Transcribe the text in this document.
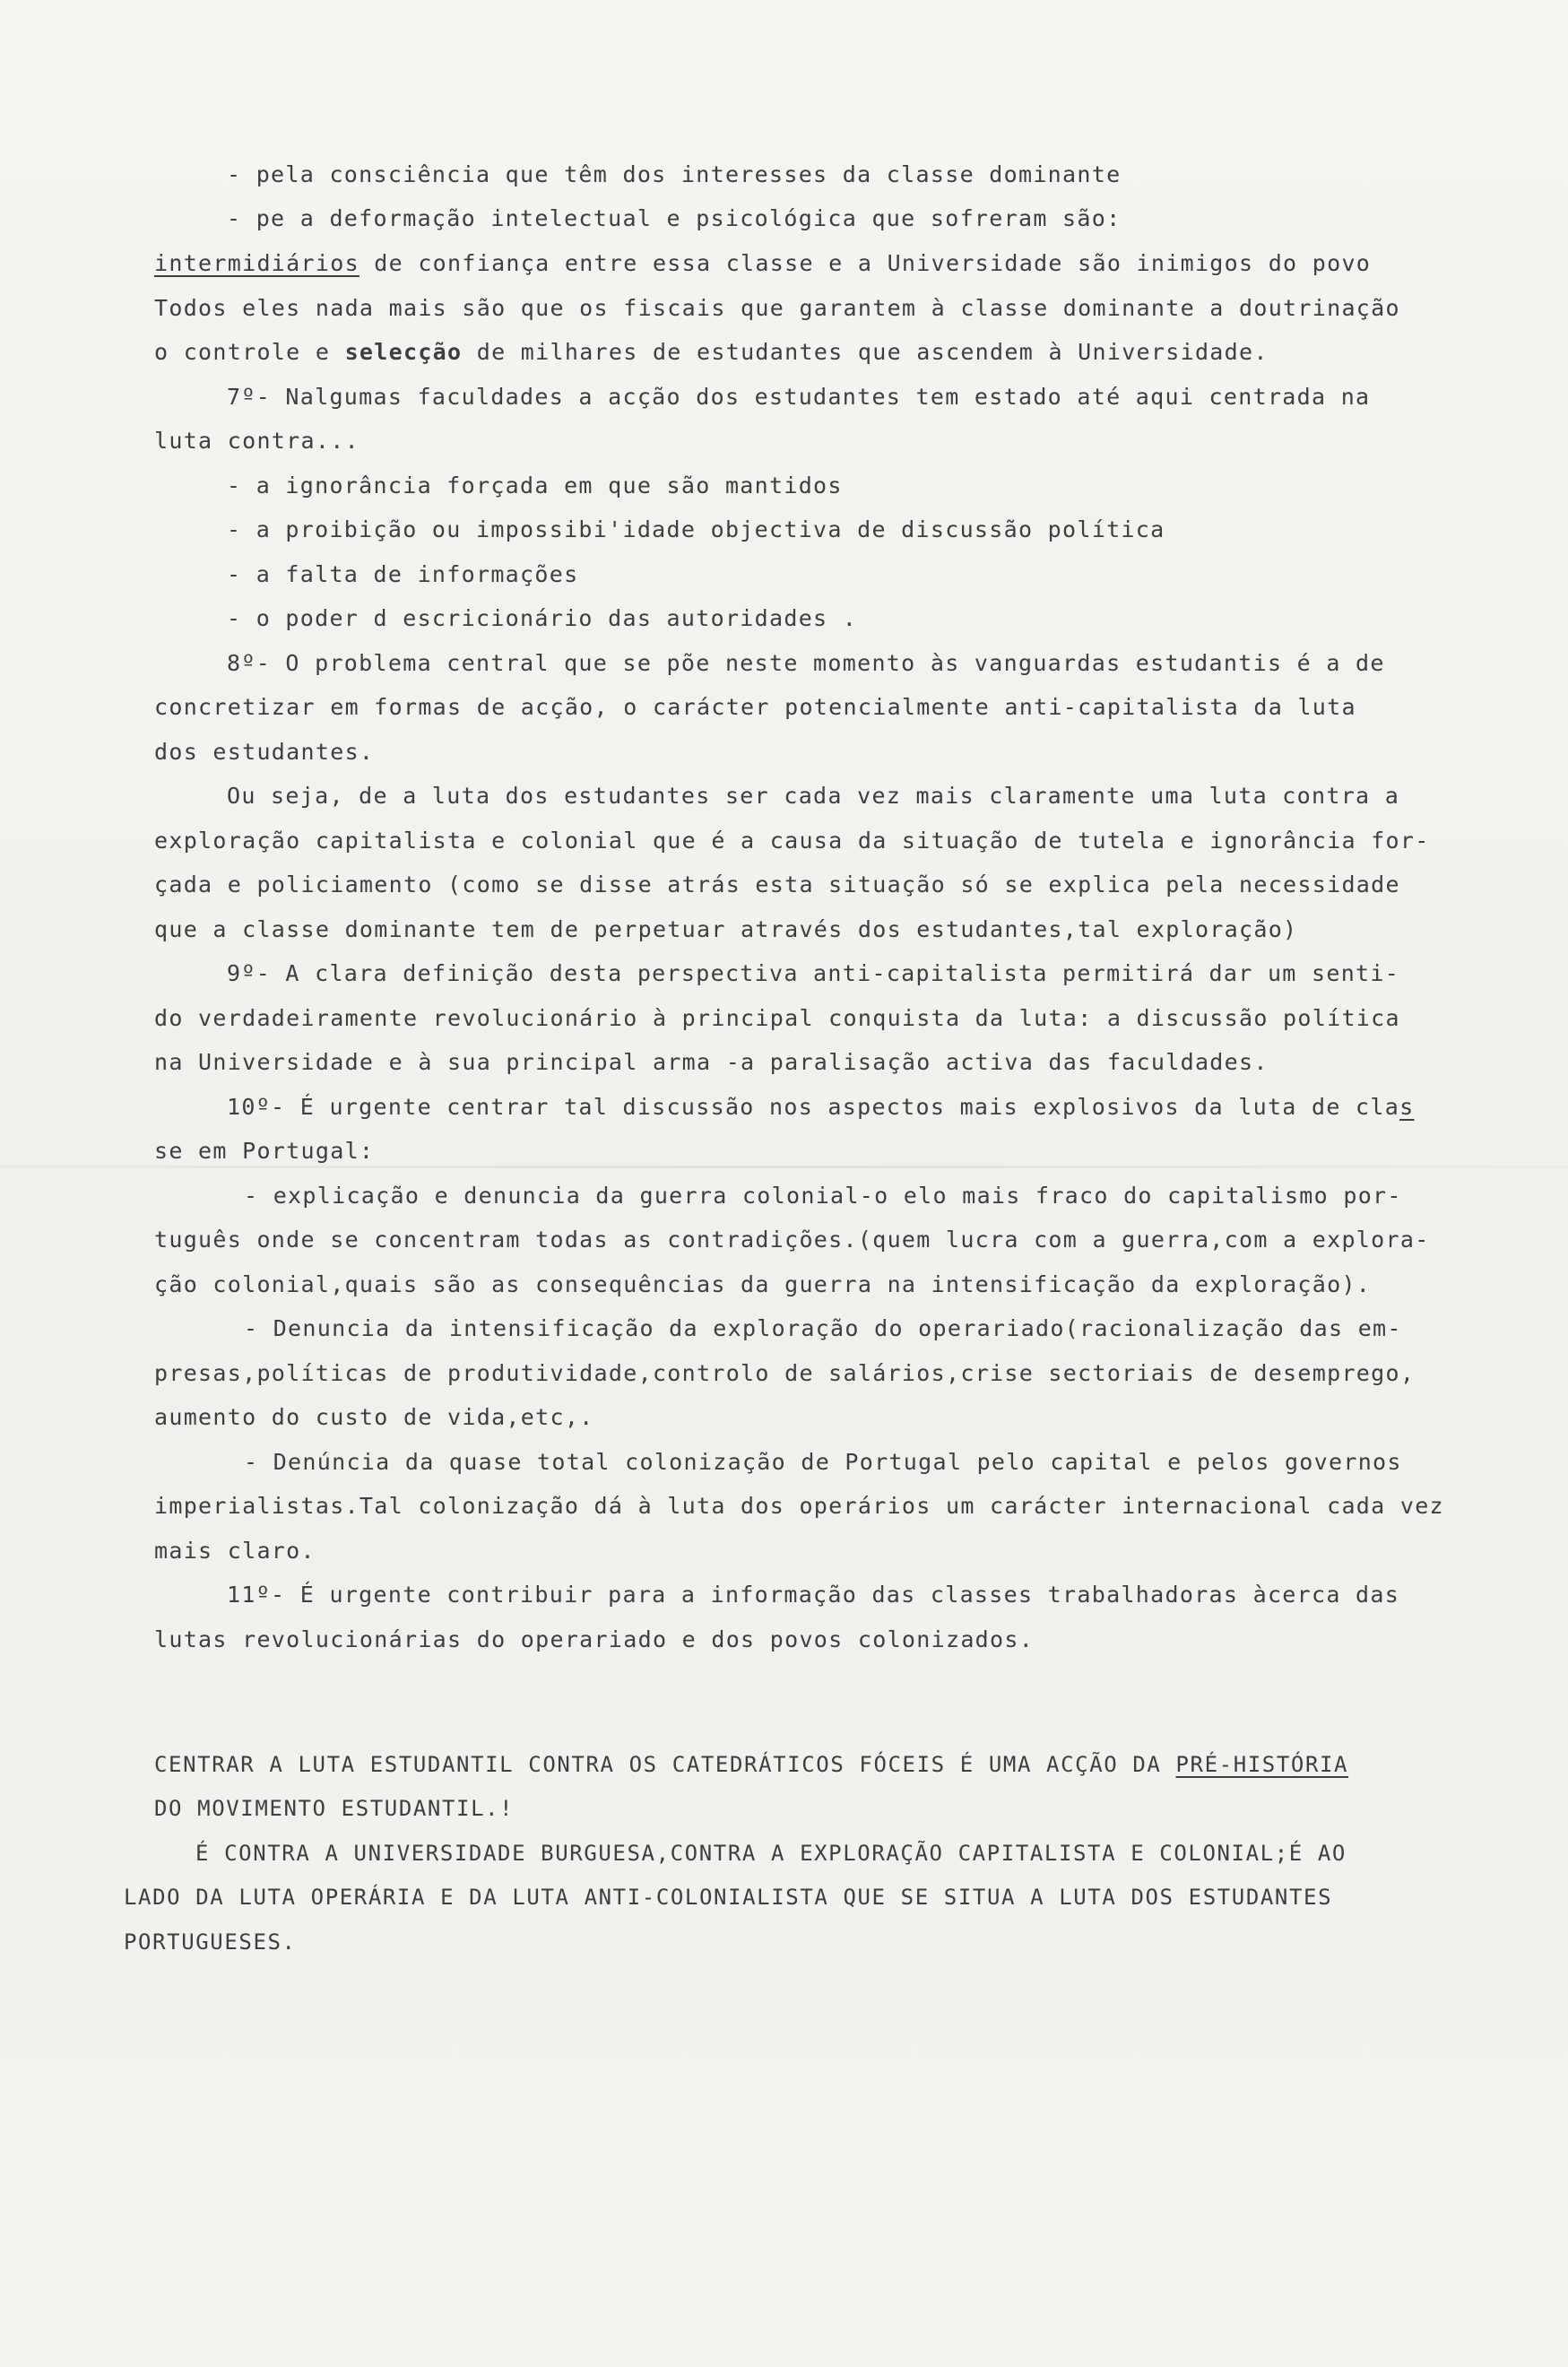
- pela consciência que têm dos interesses da classe dominante
- pe a deformação intelectual e psicológica que sofreram são:
intermidiários de confiança entre essa classe e a Universidade são inimigos do povo
Todos eles nada mais são que os fiscais que garantem à classe dominante a doutrinação
o controle e selecção de milhares de estudantes que ascendem à Universidade.
7º- Nalgumas faculdades a acção dos estudantes tem estado até aqui centrada na
luta contra...
- a ignorância forçada em que são mantidos
- a proibição ou impossibi'idade objectiva de discussão política
- a falta de informações
- o poder d escricionário das autoridades .
8º- O problema central que se põe neste momento às vanguardas estudantis é a de
concretizar em formas de acção, o carácter potencialmente anti-capitalista da luta
dos estudantes.
Ou seja, de a luta dos estudantes ser cada vez mais claramente uma luta contra a
exploração capitalista e colonial que é a causa da situação de tutela e ignorância for-
çada e policiamento (como se disse atrás esta situação só se explica pela necessidade
que a classe dominante tem de perpetuar através dos estudantes,tal exploração)
9º- A clara definição desta perspectiva anti-capitalista permitirá dar um senti-
do verdadeiramente revolucionário à principal conquista da luta: a discussão política
na Universidade e à sua principal arma -a paralisação activa das faculdades.
10º- É urgente centrar tal discussão nos aspectos mais explosivos da luta de clas
se em Portugal:
- explicação e denuncia da guerra colonial-o elo mais fraco do capitalismo por-
tuguês onde se concentram todas as contradições.(quem lucra com a guerra,com a explora-
ção colonial,quais são as consequências da guerra na intensificação da exploração).
- Denuncia da intensificação da exploração do operariado(racionalização das em-
presas,políticas de produtividade,controlo de salários,crise sectoriais de desemprego,
aumento do custo de vida,etc,.
- Denúncia da quase total colonização de Portugal pelo capital e pelos governos
imperialistas.Tal colonização dá à luta dos operários um carácter internacional cada vez
mais claro.
11º- É urgente contribuir para a informação das classes trabalhadoras àcerca das
lutas revolucionárias do operariado e dos povos colonizados.
CENTRAR A LUTA ESTUDANTIL CONTRA OS CATEDRÁTICOS FÓCEIS É UMA ACÇÃO DA PRÉ-HISTÓRIA
DO MOVIMENTO ESTUDANTIL.!
É CONTRA A UNIVERSIDADE BURGUESA,CONTRA A EXPLORAÇÃO CAPITALISTA E COLONIAL;É AO
LADO DA LUTA OPERÁRIA E DA LUTA ANTI-COLONIALISTA QUE SE SITUA A LUTA DOS ESTUDANTES
PORTUGUESES.
